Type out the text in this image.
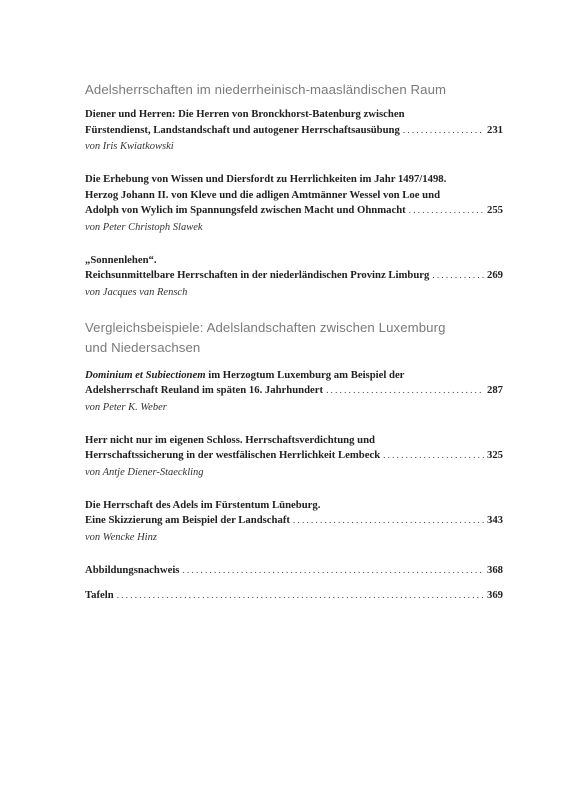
Adelsherrschaften im niederrheinisch-maasländischen Raum
Diener und Herren: Die Herren von Bronckhorst-Batenburg zwischen
Fürstendienst, Landstandschaft und autogener Herrschaftsausübung . . .	231
von Iris Kwiatkowski
Die Erhebung von Wissen und Diersfordt zu Herrlichkeiten im Jahr 1497/1498.
Herzog Johann II. von Kleve und die adligen Amtmänner Wessel von Loe und
Adolph von Wylich im Spannungsfeld zwischen Macht und Ohnmacht . . .	255
von Peter Christoph Slawek
„Sonnenlehen“.
Reichsunmittelbare Herrschaften in der niederländischen Provinz Limburg . . .	269
von Jacques van Rensch
Vergleichsbeispiele: Adelslandschaften zwischen Luxemburg
und Niedersachsen
Dominium et Subiectionem im Herzogtum Luxemburg am Beispiel der
Adelsherrschaft Reuland im späten 16. Jahrhundert . . .	287
von Peter K. Weber
Herr nicht nur im eigenen Schloss. Herrschaftsverdichtung und
Herrschaftssicherung in der westfälischen Herrlichkeit Lembeck . . .	325
von Antje Diener-Staeckling
Die Herrschaft des Adels im Fürstentum Lüneburg.
Eine Skizzierung am Beispiel der Landschaft . . .	343
von Wencke Hinz
Abbildungsnachweis . . .	368
Tafeln . . .	369
